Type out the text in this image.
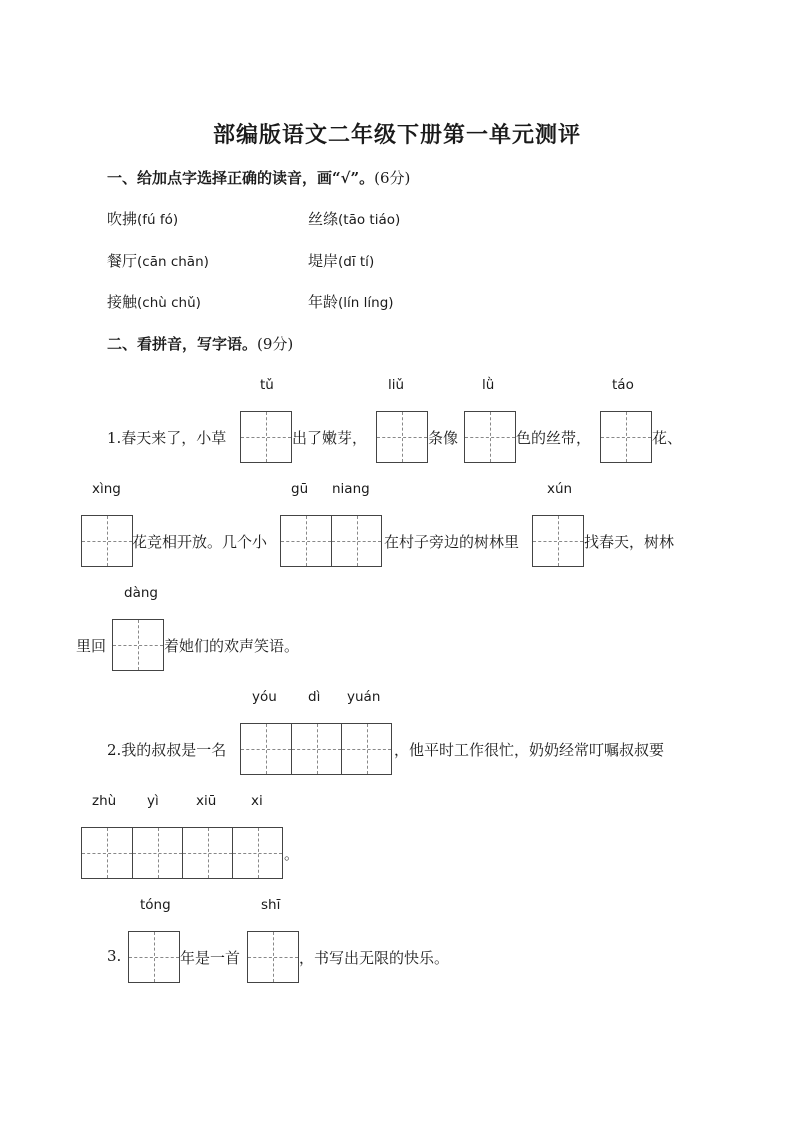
部编版语文二年级下册第一单元测评
一、给加点字选择正确的读音，画“√”。(6分)
吹拂(fú fó)	丝绦(tāo tiáo)
餐厅(cān chān)	堤岸(dī tí)
接触(chù chǔ)	年龄(lín líng)
二、看拼音，写字语。(9分)
tǔ	liǔ	lǜ	táo
1.春天来了，小草	出了嫩芽，	条像	色的丝带，	花、
xìng	gū niang	xún
花竞相开放。几个小	在村子旁边的树林里	找春天，树林
dàng
里回	着她们的欢声笑语。
yóu dì yuán
2.我的叔叔是一名	，他平时工作很忙，奶奶经常叮嘱叔叔要
zhù yì	xiū	xi
。
tóng	shī
3.	年是一首	，书写出无限的快乐。
